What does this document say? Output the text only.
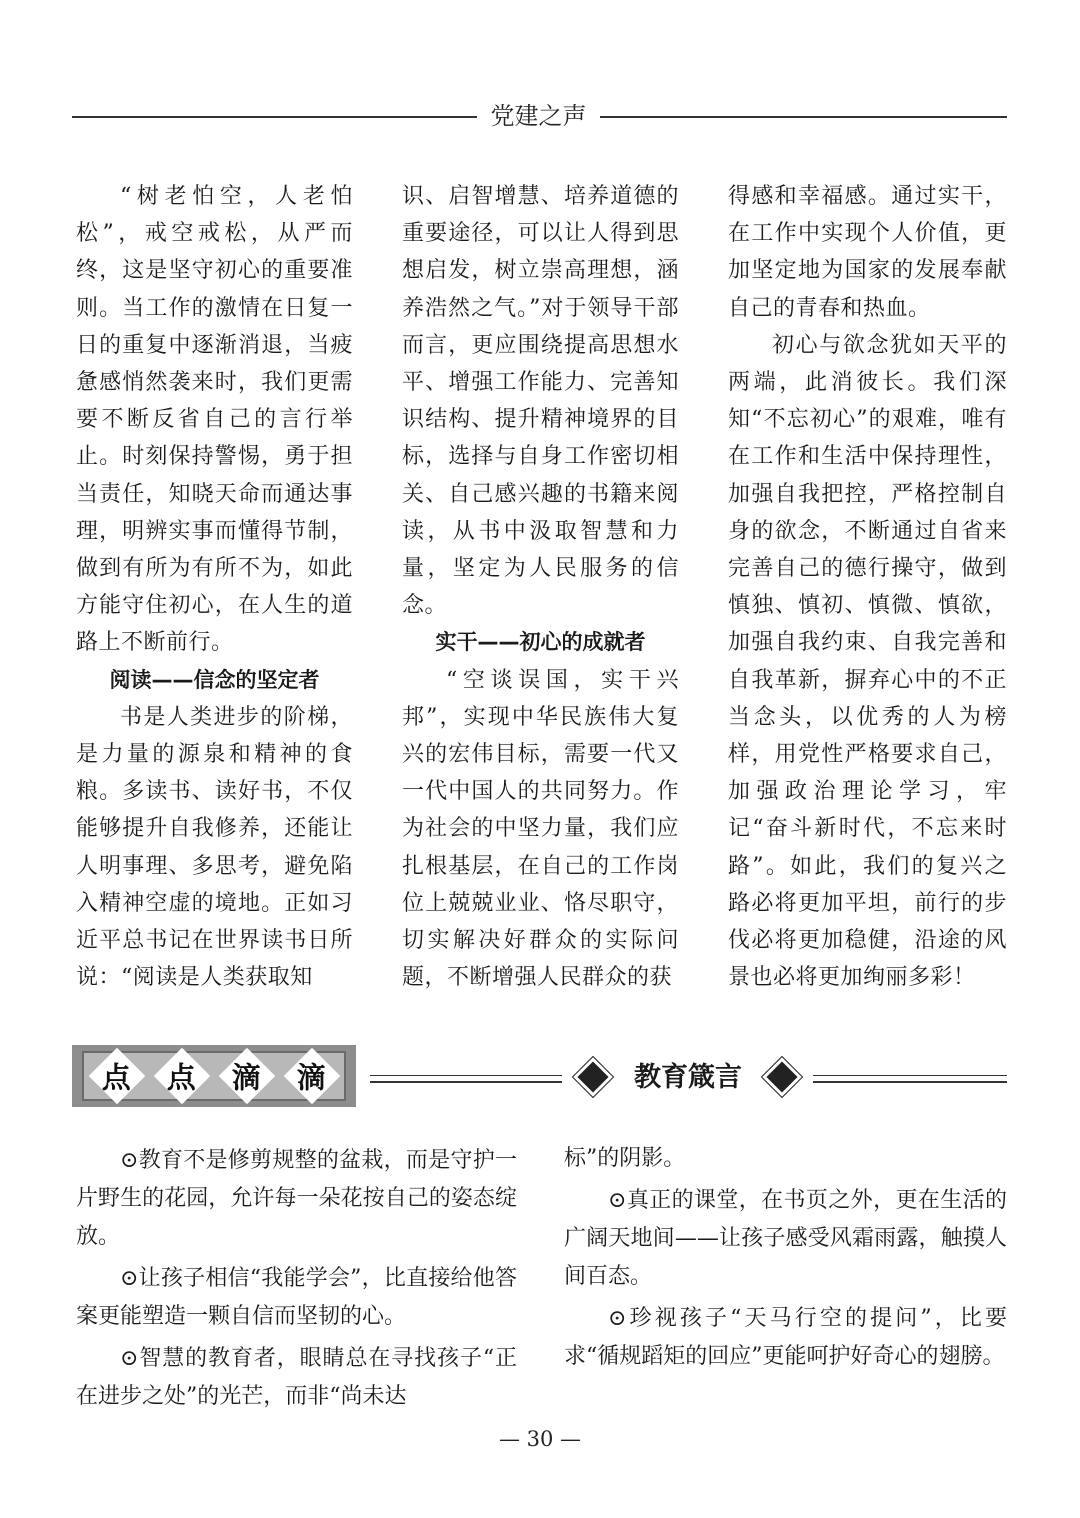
党建之声

“树老怕空，人老怕松”，戒空戒松，从严而终，这是坚守初心的重要准则。当工作的激情在日复一日的重复中逐渐消退，当疲惫感悄然袭来时，我们更需要不断反省自己的言行举止。时刻保持警惕，勇于担当责任，知晓天命而通达事理，明辨实事而懂得节制，做到有所为有所不为，如此方能守住初心，在人生的道路上不断前行。

阅读——信念的坚定者

书是人类进步的阶梯，是力量的源泉和精神的食粮。多读书、读好书，不仅能够提升自我修养，还能让人明事理、多思考，避免陷入精神空虚的境地。正如习近平总书记在世界读书日所说：“阅读是人类获取知

识、启智增慧、培养道德的重要途径，可以让人得到思想启发，树立崇高理想，涵养浩然之气。”对于领导干部而言，更应围绕提高思想水平、增强工作能力、完善知识结构、提升精神境界的目标，选择与自身工作密切相关、自己感兴趣的书籍来阅读，从书中汲取智慧和力量，坚定为人民服务的信念。

实干——初心的成就者

“空谈误国，实干兴邦”，实现中华民族伟大复兴的宏伟目标，需要一代又一代中国人的共同努力。作为社会的中坚力量，我们应扎根基层，在自己的工作岗位上兢兢业业、恪尽职守，切实解决好群众的实际问题，不断增强人民群众的获

得感和幸福感。通过实干，在工作中实现个人价值，更加坚定地为国家的发展奉献自己的青春和热血。

初心与欲念犹如天平的两端，此消彼长。我们深知“不忘初心”的艰难，唯有在工作和生活中保持理性，加强自我把控，严格控制自身的欲念，不断通过自省来完善自己的德行操守，做到慎独、慎初、慎微、慎欲，加强自我约束、自我完善和自我革新，摒弃心中的不正当念头，以优秀的人为榜样，用党性严格要求自己，加强政治理论学习，牢记“奋斗新时代，不忘来时路”。如此，我们的复兴之路必将更加平坦，前行的步伐必将更加稳健，沿途的风景也必将更加绚丽多彩！

点 点 滴 滴	教育箴言

⊙教育不是修剪规整的盆栽，而是守护一片野生的花园，允许每一朵花按自己的姿态绽放。

⊙让孩子相信“我能学会”，比直接给他答案更能塑造一颗自信而坚韧的心。

⊙智慧的教育者，眼睛总在寻找孩子“正在进步之处”的光芒，而非“尚未达

标”的阴影。

⊙真正的课堂，在书页之外，更在生活的广阔天地间——让孩子感受风霜雨露，触摸人间百态。

⊙珍视孩子“天马行空的提问”，比要求“循规蹈矩的回应”更能呵护好奇心的翅膀。

— 30 —
